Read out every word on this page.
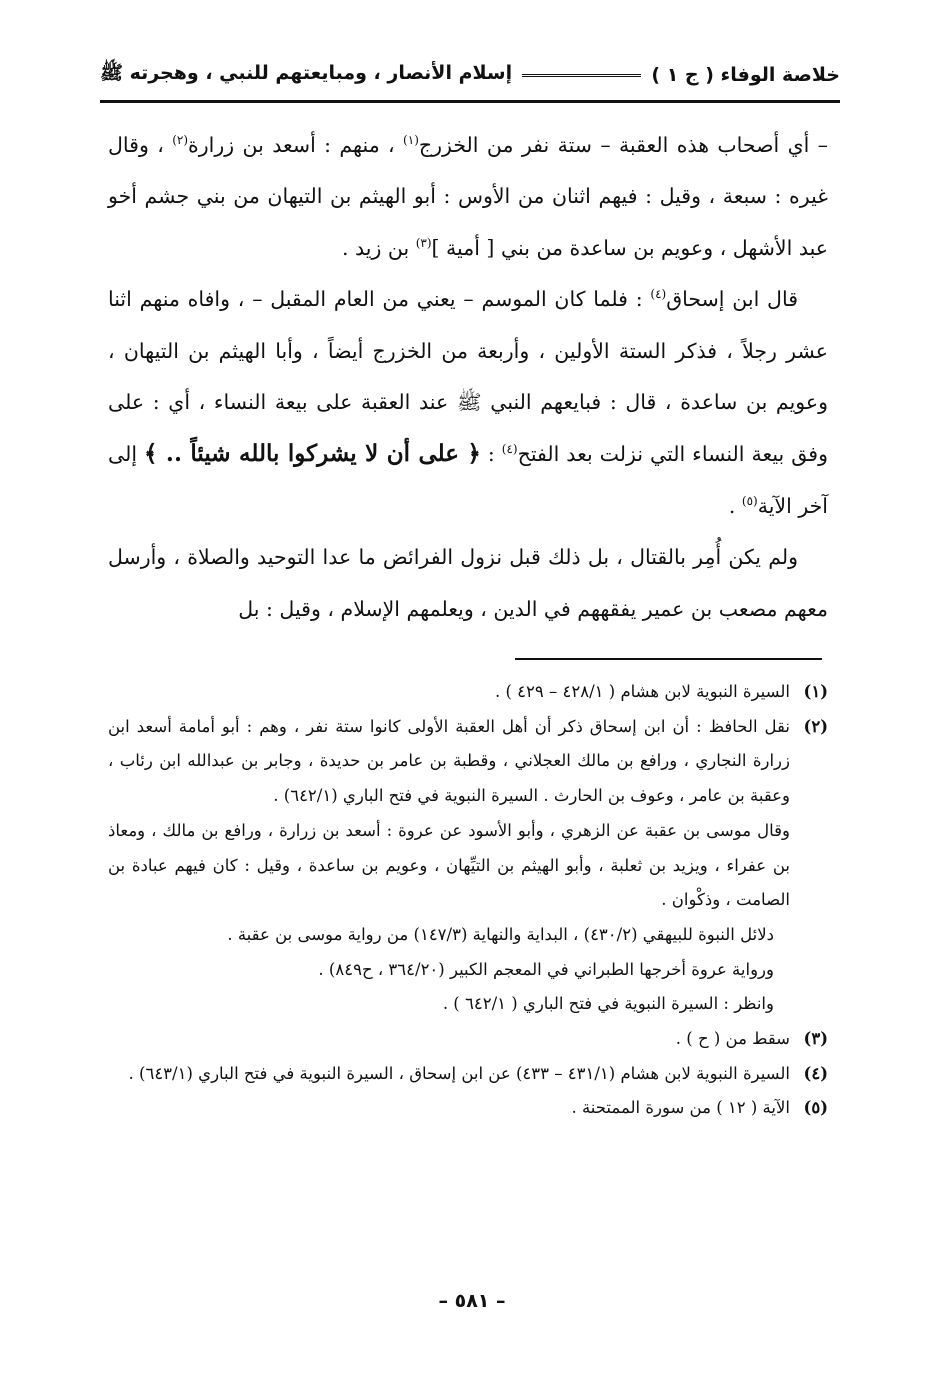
خلاصة الوفاء ( ج ١ )
إسلام الأنصار ، ومبايعتهم للنبي ، وهجرته ﷺ

– أي أصحاب هذه العقبة – ستة نفر من الخزرج$^{(١)}$ ، منهم : أسعد بن زرارة$^{(٢)}$ ، وقال غيره : سبعة ، وقيل : فيهم اثنان من الأوس : أبو الهيثم بن التيهان من بني جشم أخو عبد الأشهل ، وعويم بن ساعدة من بني [ أمية ]$^{(٣)}$ بن زيد .

قال ابن إسحاق$^{(٤)}$ : فلما كان الموسم – يعني من العام المقبل – ، وافاه منهم اثنا عشر رجلاً ، فذكر الستة الأولين ، وأربعة من الخزرج أيضاً ، وأبا الهيثم بن التيهان ، وعويم بن ساعدة ، قال : فبايعهم النبي ﷺ عند العقبة على بيعة النساء ، أي : على وفق بيعة النساء التي نزلت بعد الفتح$^{(٤)}$ : ﴿ على أن لا يشركوا بالله شيئاً .. ﴾ إلى آخر الآية$^{(٥)}$ .

ولم يكن أُمِر بالقتال ، بل ذلك قبل نزول الفرائض ما عدا التوحيد والصلاة ، وأرسل معهم مصعب بن عمير يفقههم في الدين ، ويعلمهم الإسلام ، وقيل : بل

(١)

السيرة النبوية لابن هشام ( ٤٢٨/١ – ٤٢٩ ) .

(٢)

نقل الحافظ : أن ابن إسحاق ذكر أن أهل العقبة الأولى كانوا ستة نفر ، وهم : أبو أمامة أسعد ابن زرارة النجاري ، ورافع بن مالك العجلاني ، وقطبة بن عامر بن حديدة ، وجابر بن عبدالله ابن رئاب ، وعقبة بن عامر ، وعوف بن الحارث . السيرة النبوية في فتح الباري (٦٤٢/١) .

وقال موسى بن عقبة عن الزهري ، وأبو الأسود عن عروة : أسعد بن زرارة ، ورافع بن مالك ، ومعاذ بن عفراء ، ويزيد بن ثعلبة ، وأبو الهيثم بن التيِّهان ، وعويم بن ساعدة ، وقيل : كان فيهم عبادة بن الصامت ، وذكْوان .

دلائل النبوة للبيهقي (٤٣٠/٢) ، البداية والنهاية (١٤٧/٣) من رواية موسى بن عقبة .

ورواية عروة أخرجها الطبراني في المعجم الكبير (٣٦٤/٢٠ ، ح٨٤٩) .

وانظر : السيرة النبوية في فتح الباري ( ٦٤٢/١ ) .

(٣)

سقط من ( ح ) .

(٤)

السيرة النبوية لابن هشام (٤٣١/١ – ٤٣٣) عن ابن إسحاق ، السيرة النبوية في فتح الباري (٦٤٣/١) .

(٥)

الآية ( ١٢ ) من سورة الممتحنة .

– ٥٨١ –
